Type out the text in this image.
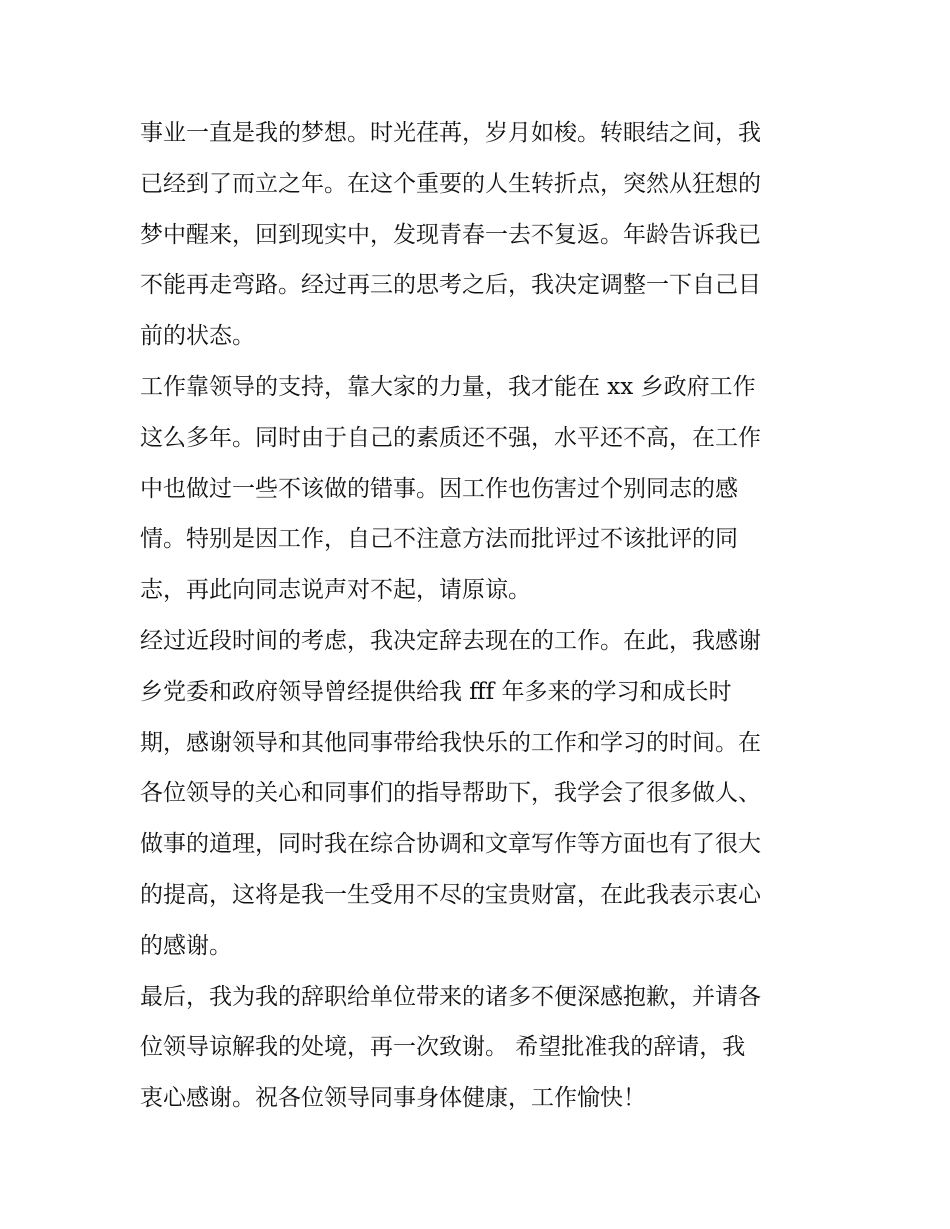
事业一直是我的梦想。时光荏苒，岁月如梭。转眼结之间，我
已经到了而立之年。在这个重要的人生转折点，突然从狂想的
梦中醒来，回到现实中，发现青春一去不复返。年龄告诉我已
不能再走弯路。经过再三的思考之后，我决定调整一下自己目
前的状态。
工作靠领导的支持，靠大家的力量，我才能在 xx 乡政府工作
这么多年。同时由于自己的素质还不强，水平还不高，在工作
中也做过一些不该做的错事。因工作也伤害过个别同志的感
情。特别是因工作，自己不注意方法而批评过不该批评的同
志，再此向同志说声对不起，请原谅。
经过近段时间的考虑，我决定辞去现在的工作。在此，我感谢
乡党委和政府领导曾经提供给我 fff 年多来的学习和成长时
期，感谢领导和其他同事带给我快乐的工作和学习的时间。在
各位领导的关心和同事们的指导帮助下，我学会了很多做人、
做事的道理，同时我在综合协调和文章写作等方面也有了很大
的提高，这将是我一生受用不尽的宝贵财富，在此我表示衷心
的感谢。
最后，我为我的辞职给单位带来的诸多不便深感抱歉，并请各
位领导谅解我的处境，再一次致谢。 希望批准我的辞请，我
衷心感谢。祝各位领导同事身体健康，工作愉快！
